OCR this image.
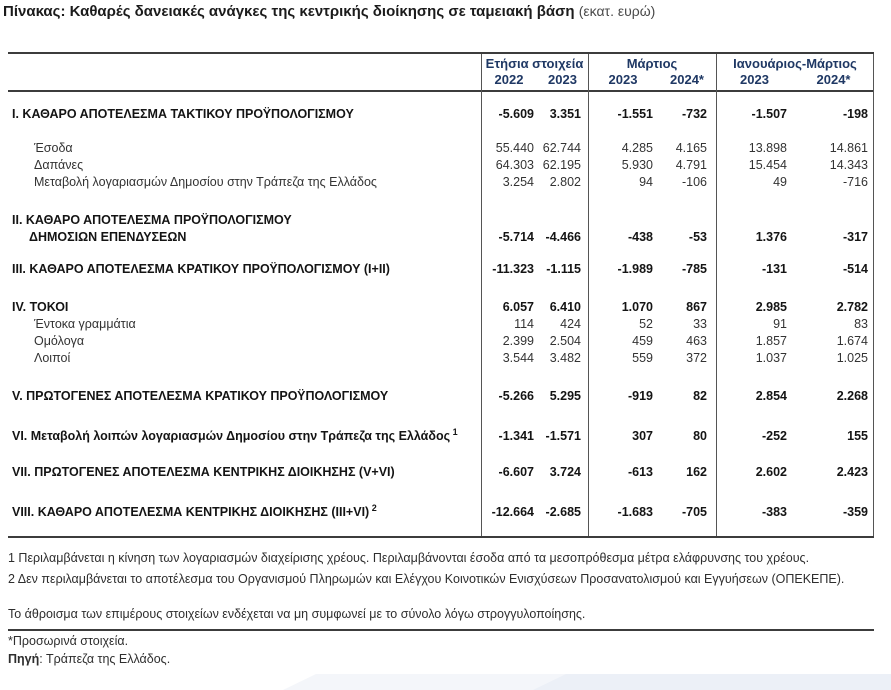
Πίνακας: Καθαρές δανειακές ανάγκες της κεντρικής διοίκησης σε ταμειακή βάση (εκατ. ευρώ)
Ετήσια στοιχεία	Μάρτιος	Ιανουάριος-Μάρτιος
2022	2023	2023	2024*	2023	2024*
I. ΚΑΘΑΡΟ ΑΠΟΤΕΛΕΣΜΑ ΤΑΚΤΙΚΟΥ ΠΡΟΫΠΟΛΟΓΙΣΜΟΥ	-5.609	3.351	-1.551	-732	-1.507	-198
Έσοδα	55.440 62.744	4.285	4.165	13.898	14.861
Δαπάνες	64.303 62.195	5.930	4.791	15.454	14.343
Μεταβολή λογαριασμών Δημοσίου στην Τράπεζα της Ελλάδος	3.254	2.802	94	-106	49	-716
II. ΚΑΘΑΡΟ ΑΠΟΤΕΛΕΣΜΑ ΠΡΟΫΠΟΛΟΓΙΣΜΟΥ
ΔΗΜΟΣΙΩΝ ΕΠΕΝΔΥΣΕΩΝ	-5.714 -4.466	-438	-53	1.376	-317
III. ΚΑΘΑΡΟ ΑΠΟΤΕΛΕΣΜΑ ΚΡΑΤΙΚΟΥ ΠΡΟΫΠΟΛΟΓΙΣΜΟΥ (I+II)	-11.323 -1.115	-1.989	-785	-131	-514
IV. ΤΟΚΟΙ	6.057	6.410	1.070	867	2.985	2.782
Έντοκα γραμμάτια	114	424	52	33	91	83
Ομόλογα	2.399	2.504	459	463	1.857	1.674
Λοιποί	3.544	3.482	559	372	1.037	1.025
V. ΠΡΩΤΟΓΕΝΕΣ ΑΠΟΤΕΛΕΣΜΑ ΚΡΑΤΙΚΟΥ ΠΡΟΫΠΟΛΟΓΙΣΜΟΥ	-5.266	5.295	-919	82	2.854	2.268
VI. Μεταβολή λοιπών λογαριασμών Δημοσίου στην Τράπεζα της Ελλάδος $^1$	-1.341 -1.571	307	80	-252	155
VII. ΠΡΩΤΟΓΕΝΕΣ ΑΠΟΤΕΛΕΣΜΑ ΚΕΝΤΡΙΚΗΣ ΔΙΟΙΚΗΣΗΣ (V+VI)	-6.607	3.724	-613	162	2.602	2.423
VIII. ΚΑΘΑΡΟ ΑΠΟΤΕΛΕΣΜΑ ΚΕΝΤΡΙΚΗΣ ΔΙΟΙΚΗΣΗΣ (III+VI) $^2$	-12.664 -2.685	-1.683	-705	-383	-359
1 Περιλαμβάνεται η κίνηση των λογαριασμών διαχείρισης χρέους. Περιλαμβάνονται έσοδα από τα μεσοπρόθεσμα μέτρα ελάφρυνσης του χρέους.
2 Δεν περιλαμβάνεται το αποτέλεσμα του Οργανισμού Πληρωμών και Ελέγχου Κοινοτικών Ενισχύσεων Προσανατολισμού και Εγγυήσεων (ΟΠΕΚΕΠΕ).
Το άθροισμα των επιμέρους στοιχείων ενδέχεται να μη συμφωνεί με το σύνολο λόγω στρογγυλοποίησης.
*Προσωρινά στοιχεία.
Πηγή: Τράπεζα της Ελλάδος.
